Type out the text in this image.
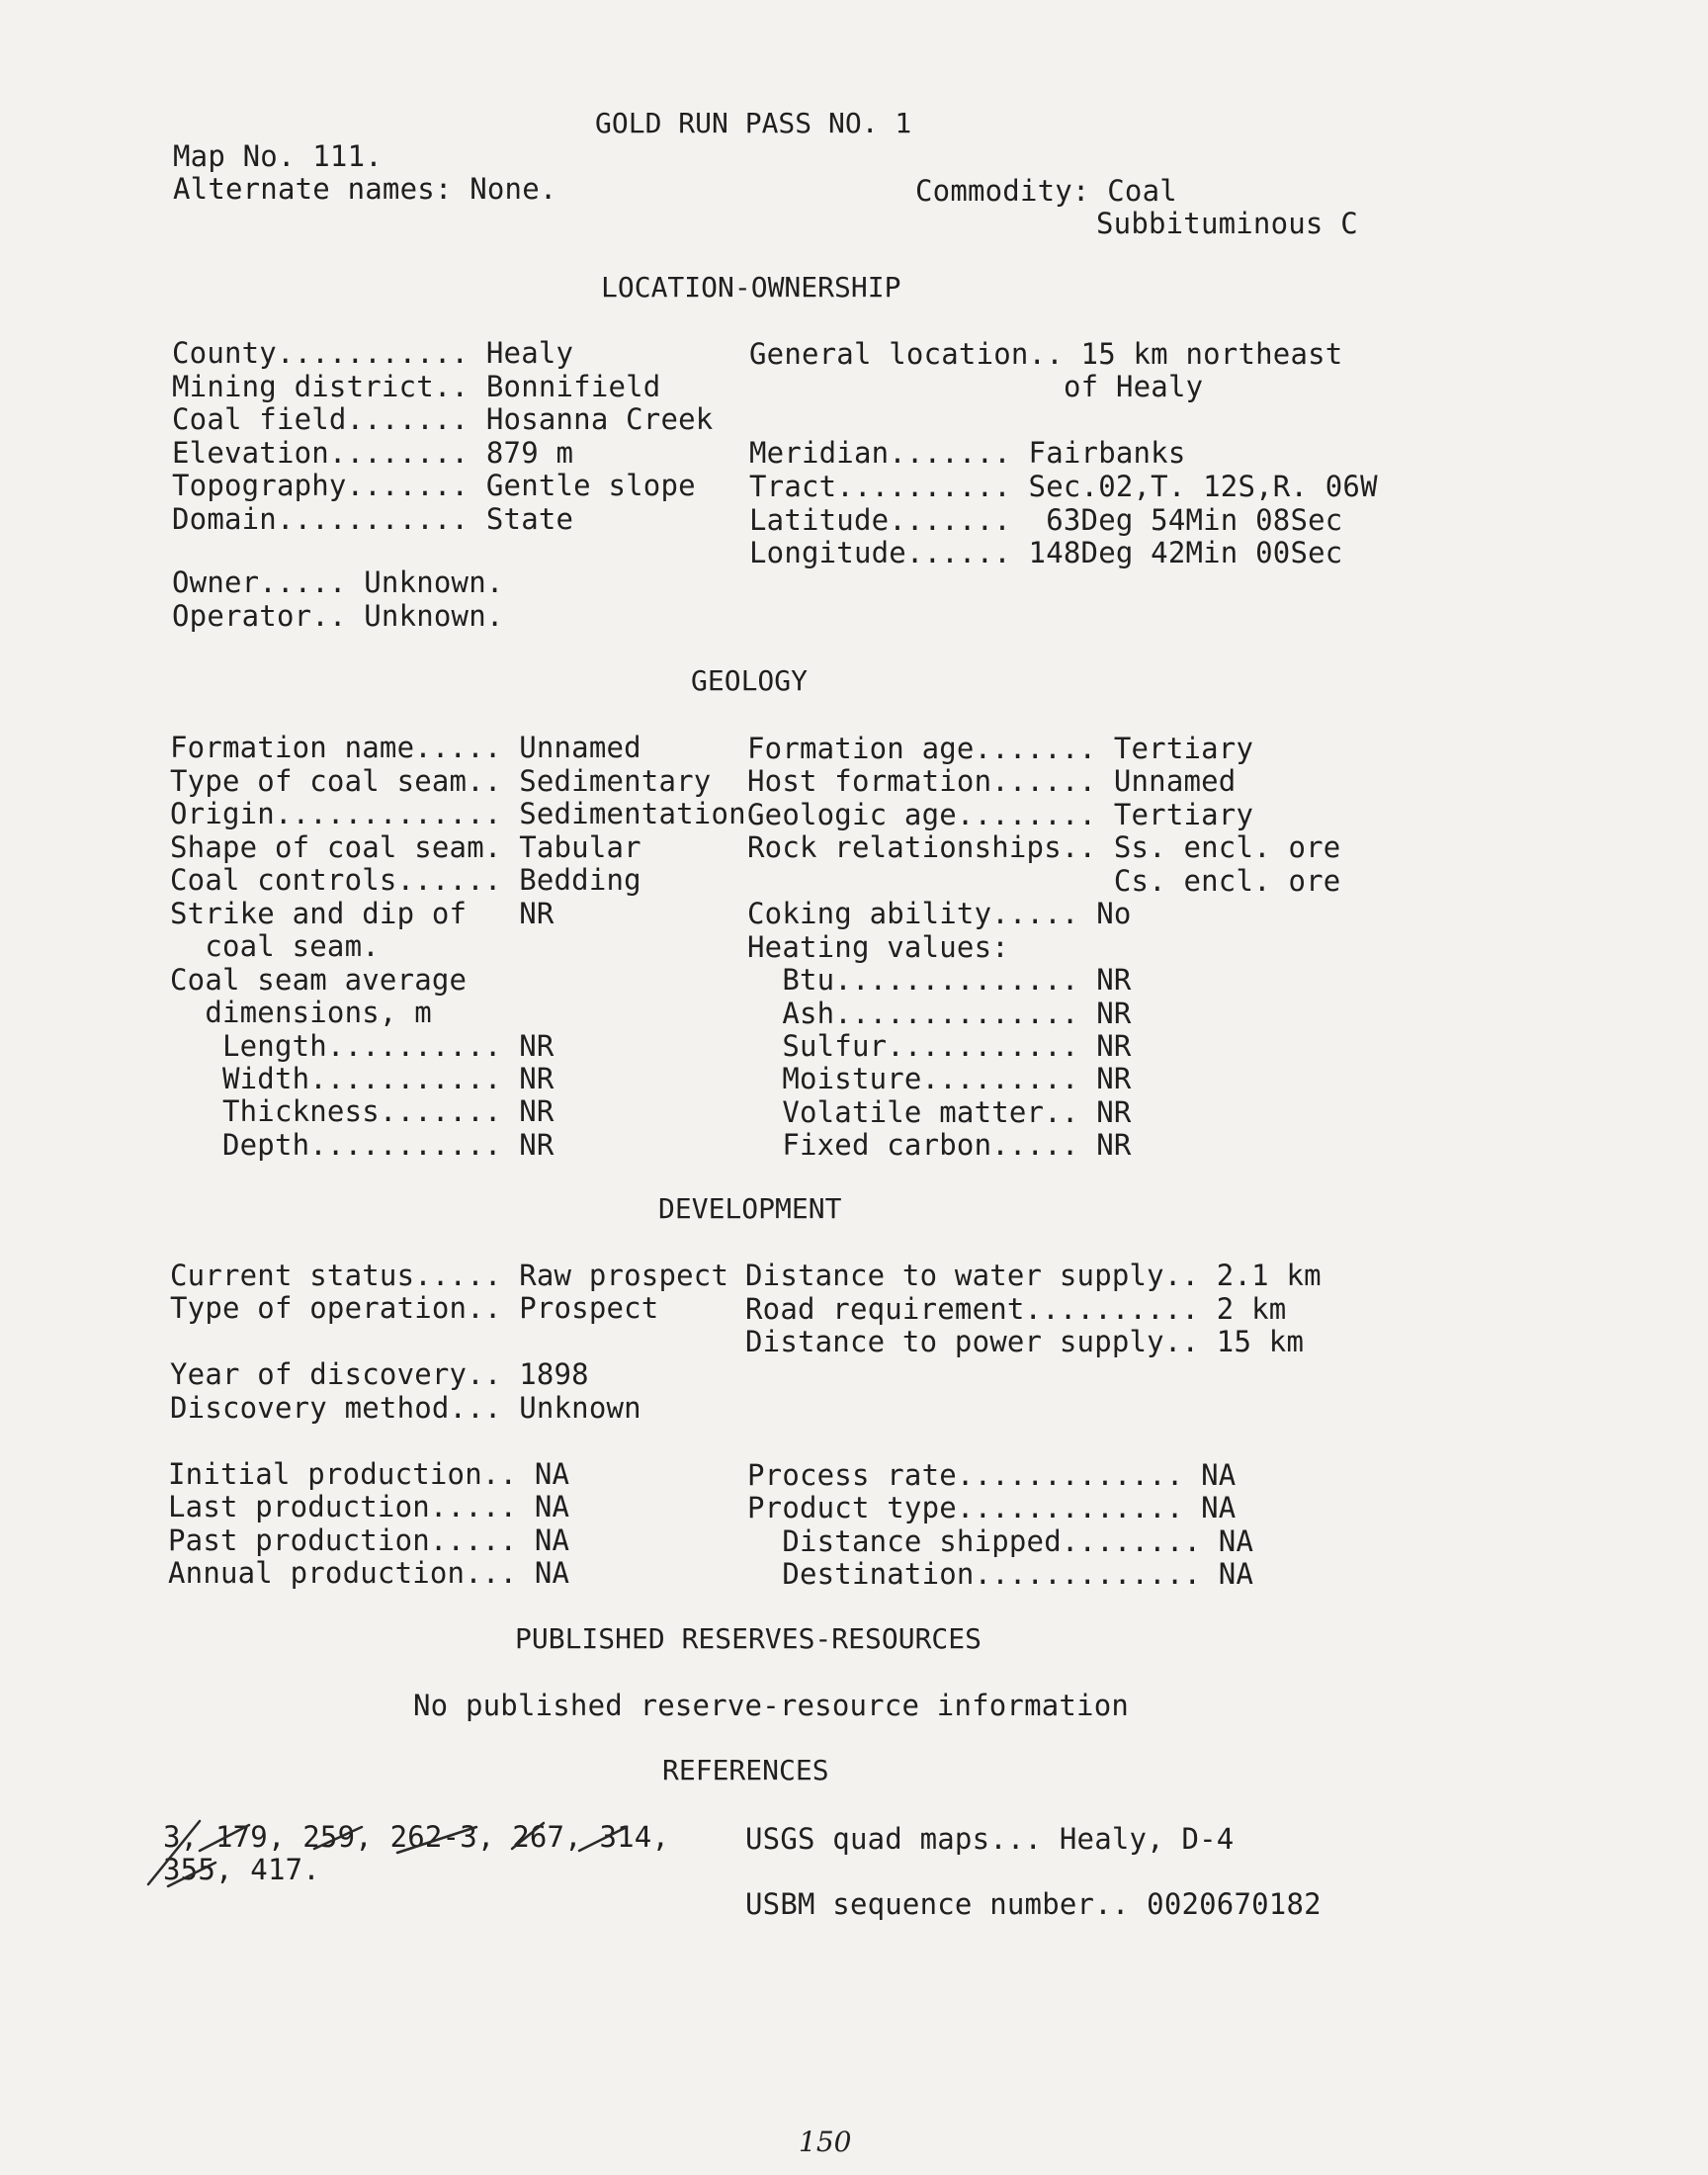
GOLD RUN PASS NO. 1
Map No. 111.
Alternate names: None.	Commodity: Coal
Subbituminous C
LOCATION-OWNERSHIP
County........... Healy
Mining district.. Bonnifield
Coal field....... Hosanna Creek
Elevation........ 879 m
Topography....... Gentle slope
Domain........... State
General location.. 15 km northeast
of Healy
Meridian....... Fairbanks
Tract.......... Sec.02,T. 12S,R. 06W
Latitude.......  63Deg 54Min 08Sec
Longitude...... 148Deg 42Min 00Sec
Owner..... Unknown.
Operator.. Unknown.
GEOLOGY
Formation name..... Unnamed
Type of coal seam.. Sedimentary
Origin............. Sedimentation
Shape of coal seam. Tabular
Coal controls...... Bedding
Strike and dip of   NR
coal seam.
Coal seam average
dimensions, m
Length.......... NR
Width........... NR
Thickness....... NR
Depth........... NR
Formation age....... Tertiary
Host formation...... Unnamed
Geologic age........ Tertiary
Rock relationships.. Ss. encl. ore
Cs. encl. ore
Coking ability..... No
Heating values:
Btu.............. NR
Ash.............. NR
Sulfur........... NR
Moisture......... NR
Volatile matter.. NR
Fixed carbon..... NR
DEVELOPMENT
Current status..... Raw prospect
Type of operation.. Prospect
Year of discovery.. 1898
Discovery method... Unknown
Distance to water supply.. 2.1 km
Road requirement.......... 2 km
Distance to power supply.. 15 km
Initial production.. NA
Last production..... NA
Past production..... NA
Annual production... NA
Process rate............. NA
Product type............. NA
Distance shipped........ NA
Destination............. NA
PUBLISHED RESERVES-RESOURCES
No published reserve-resource information
REFERENCES
3, 179, 259, 262-3, 267, 314,
355, 417.
USGS quad maps... Healy, D-4
USBM sequence number.. 0020670182
150
